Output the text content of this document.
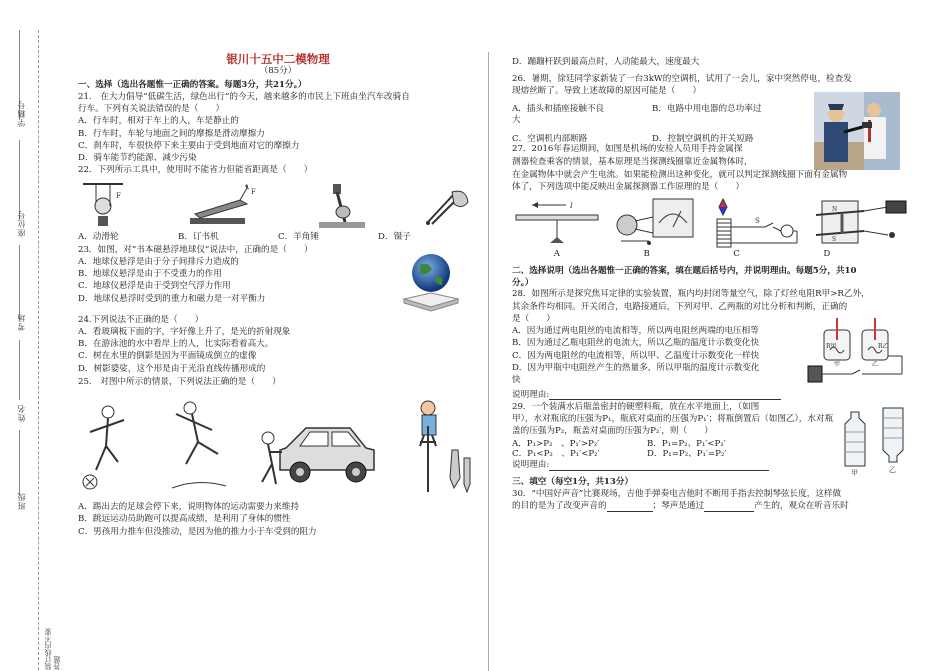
学籍号
座位号
考场
姓名
班级
装订线内不要答题
银川十五中二模物理
（85分）

一、选择（选出各题惟一正确的答案。每题3分，共21分。）

21.　在大力倡导“低碳生活，绿色出行”的今天，越来越多的市民上下班由坐汽车改骑自

行车。下列有关说法错误的是（　　）

A．行车时，相对于车上的人，车是静止的

B．行车时，车轮与地面之间的摩擦是滑动摩擦力

C．刹车时，车很快停下来主要由于受到地面对它的摩擦力

D．骑车能节约能源、减少污染

22．下列所示工具中，使用时不能省力但能省距离是（　　）

F	F
A．动滑轮	B．订书机	C．羊角锤	D．镊子

23．如图，对“书本磁悬浮地球仪”说法中，正确的是（　　）

A．地球仪悬浮是由于分子间排斥力造成的

B．地球仪悬浮是由于不受重力的作用

C．地球仪悬浮是由于受到空气浮力作用

D．地球仪悬浮时受到的重力和磁力是一对平衡力

24.下列说法不正确的是（　　）

A．看玻璃板下面的字，字好像上升了，是光的折射现象

B．在游泳池的水中看岸上的人，比实际看着高大。

C．树在水里的倒影是因为平面镜成倒立的虚像

D．树影婆娑，这个形是由于光沿直线传播形成的

25.　对图中所示的情景，下列说法正确的是（　　）

A．踢出去的足球会停下来，说明物体的运动需要力来维持

B．跳远运动员助跑可以提高成绩，是利用了身体的惯性

C．男孩用力推车但没推动，是因为他的推力小于车受到的阻力

D．蹦蹦杆跃到最高点时，人动能最大，速度最大

26．暑期，徐廷同学家新装了一台3kW的空调机，试用了一会儿，家中突然停电，检查发

现熔丝断了。导致上述故障的原因可能是（　　）

A．插头和插座接触不良	B．电路中用电器的总功率过

大

C．空调机内部断路	D．控制空调机的开关短路

27．2016年春运期间，如图是机场的安检人员用手持金属探

测器检查乘客的情景，基本原理是当探测线圈靠近金属物体时，

在金属物体中就会产生电流。如果能检测出这种变化，就可以判定探测线圈下面有金属物

体了，下列选项中能反映出金属探测器工作原理的是（　　）

I
S
N
S
A	B	C	D

二、选择说明（选出各题惟一正确的答案，填在题后括号内，并说明理由。每题5分，共10

分。）

28．如图所示是探究焦耳定律的实验装置，瓶内均封闭等量空气，除了灯丝电阻R甲>R乙外，

其余条件均相同。开关闭合，电路接通后，下列对甲、乙两瓶的对比分析和判断，正确的

是（　　）

A．因为通过两电阻丝的电流相等，所以两电阻丝两端的电压相等

B．因为通过乙瓶电阻丝的电流大，所以乙瓶的温度计示数变化快

C．因为两电阻丝的电流相等，所以甲、乙温度计示数变化一样快

D．因为甲瓶中电阻丝产生的热量多，所以甲瓶的温度计示数变化

快

说明理由:

R甲	R乙
甲	乙

29．一个装满水后瓶盖密封的硬塑料瓶，放在水平地面上，（如图

甲），水对瓶底的压强为P₁，瓶底对桌面的压强为P₁′；将瓶倒置后（如图乙），水对瓶

盖的压强为P₂，瓶盖对桌面的压强为P₂′，则（　　）

A．P₁>P₂　、P₁′>P₂′	B．P₁=P₂、P₁′<P₂′
C．P₁<P₂　、P₁′<P₂′	D．P₁=P₂、P₁′=P₂′

说明理由:

甲	乙

三、填空（每空1分，共13分）

30．“中国好声音”比赛现场，吉他手弹奏电吉他时不断用手指去控制琴弦长度，这样做

的目的是为了改变声音的	；琴声是通过	产生的，观众在听音乐时
